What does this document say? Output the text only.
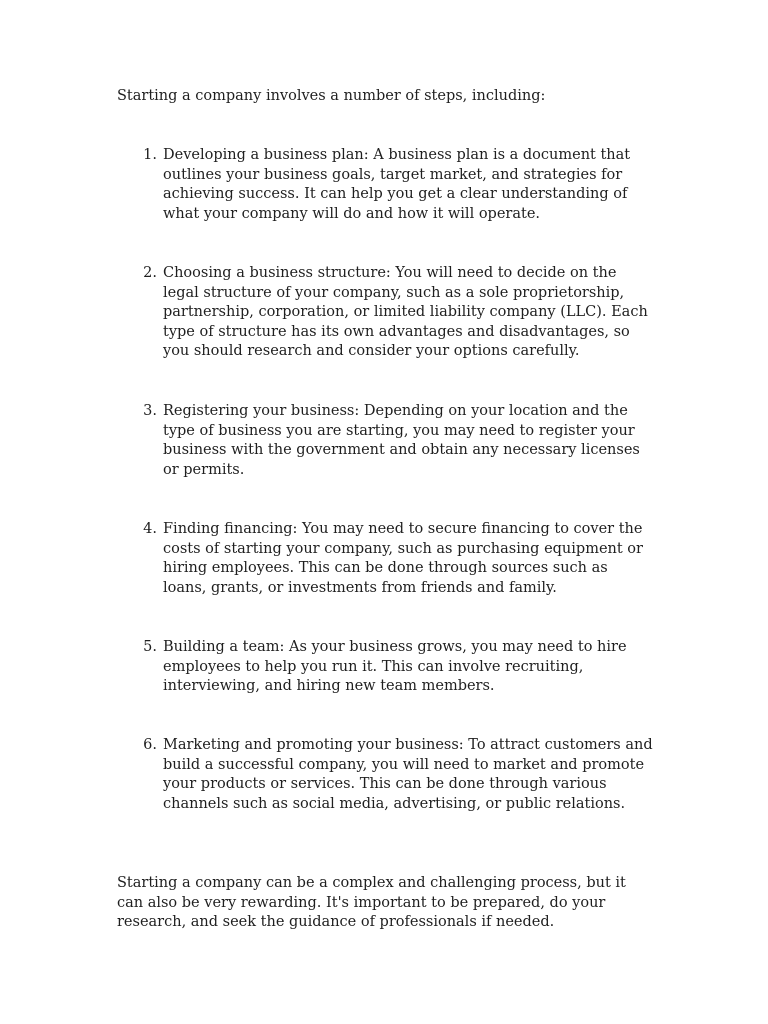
Starting a company involves a number of steps, including:

1. Developing a business plan: A business plan is a document that outlines your business goals, target market, and strategies for achieving success. It can help you get a clear understanding of what your company will do and how it will operate.

2. Choosing a business structure: You will need to decide on the legal structure of your company, such as a sole proprietorship, partnership, corporation, or limited liability company (LLC). Each type of structure has its own advantages and disadvantages, so you should research and consider your options carefully.

3. Registering your business: Depending on your location and the type of business you are starting, you may need to register your business with the government and obtain any necessary licenses or permits.

4. Finding financing: You may need to secure financing to cover the costs of starting your company, such as purchasing equipment or hiring employees. This can be done through sources such as loans, grants, or investments from friends and family.

5. Building a team: As your business grows, you may need to hire employees to help you run it. This can involve recruiting, interviewing, and hiring new team members.

6. Marketing and promoting your business: To attract customers and build a successful company, you will need to market and promote your products or services. This can be done through various channels such as social media, advertising, or public relations.

Starting a company can be a complex and challenging process, but it can also be very rewarding. It's important to be prepared, do your research, and seek the guidance of professionals if needed.
